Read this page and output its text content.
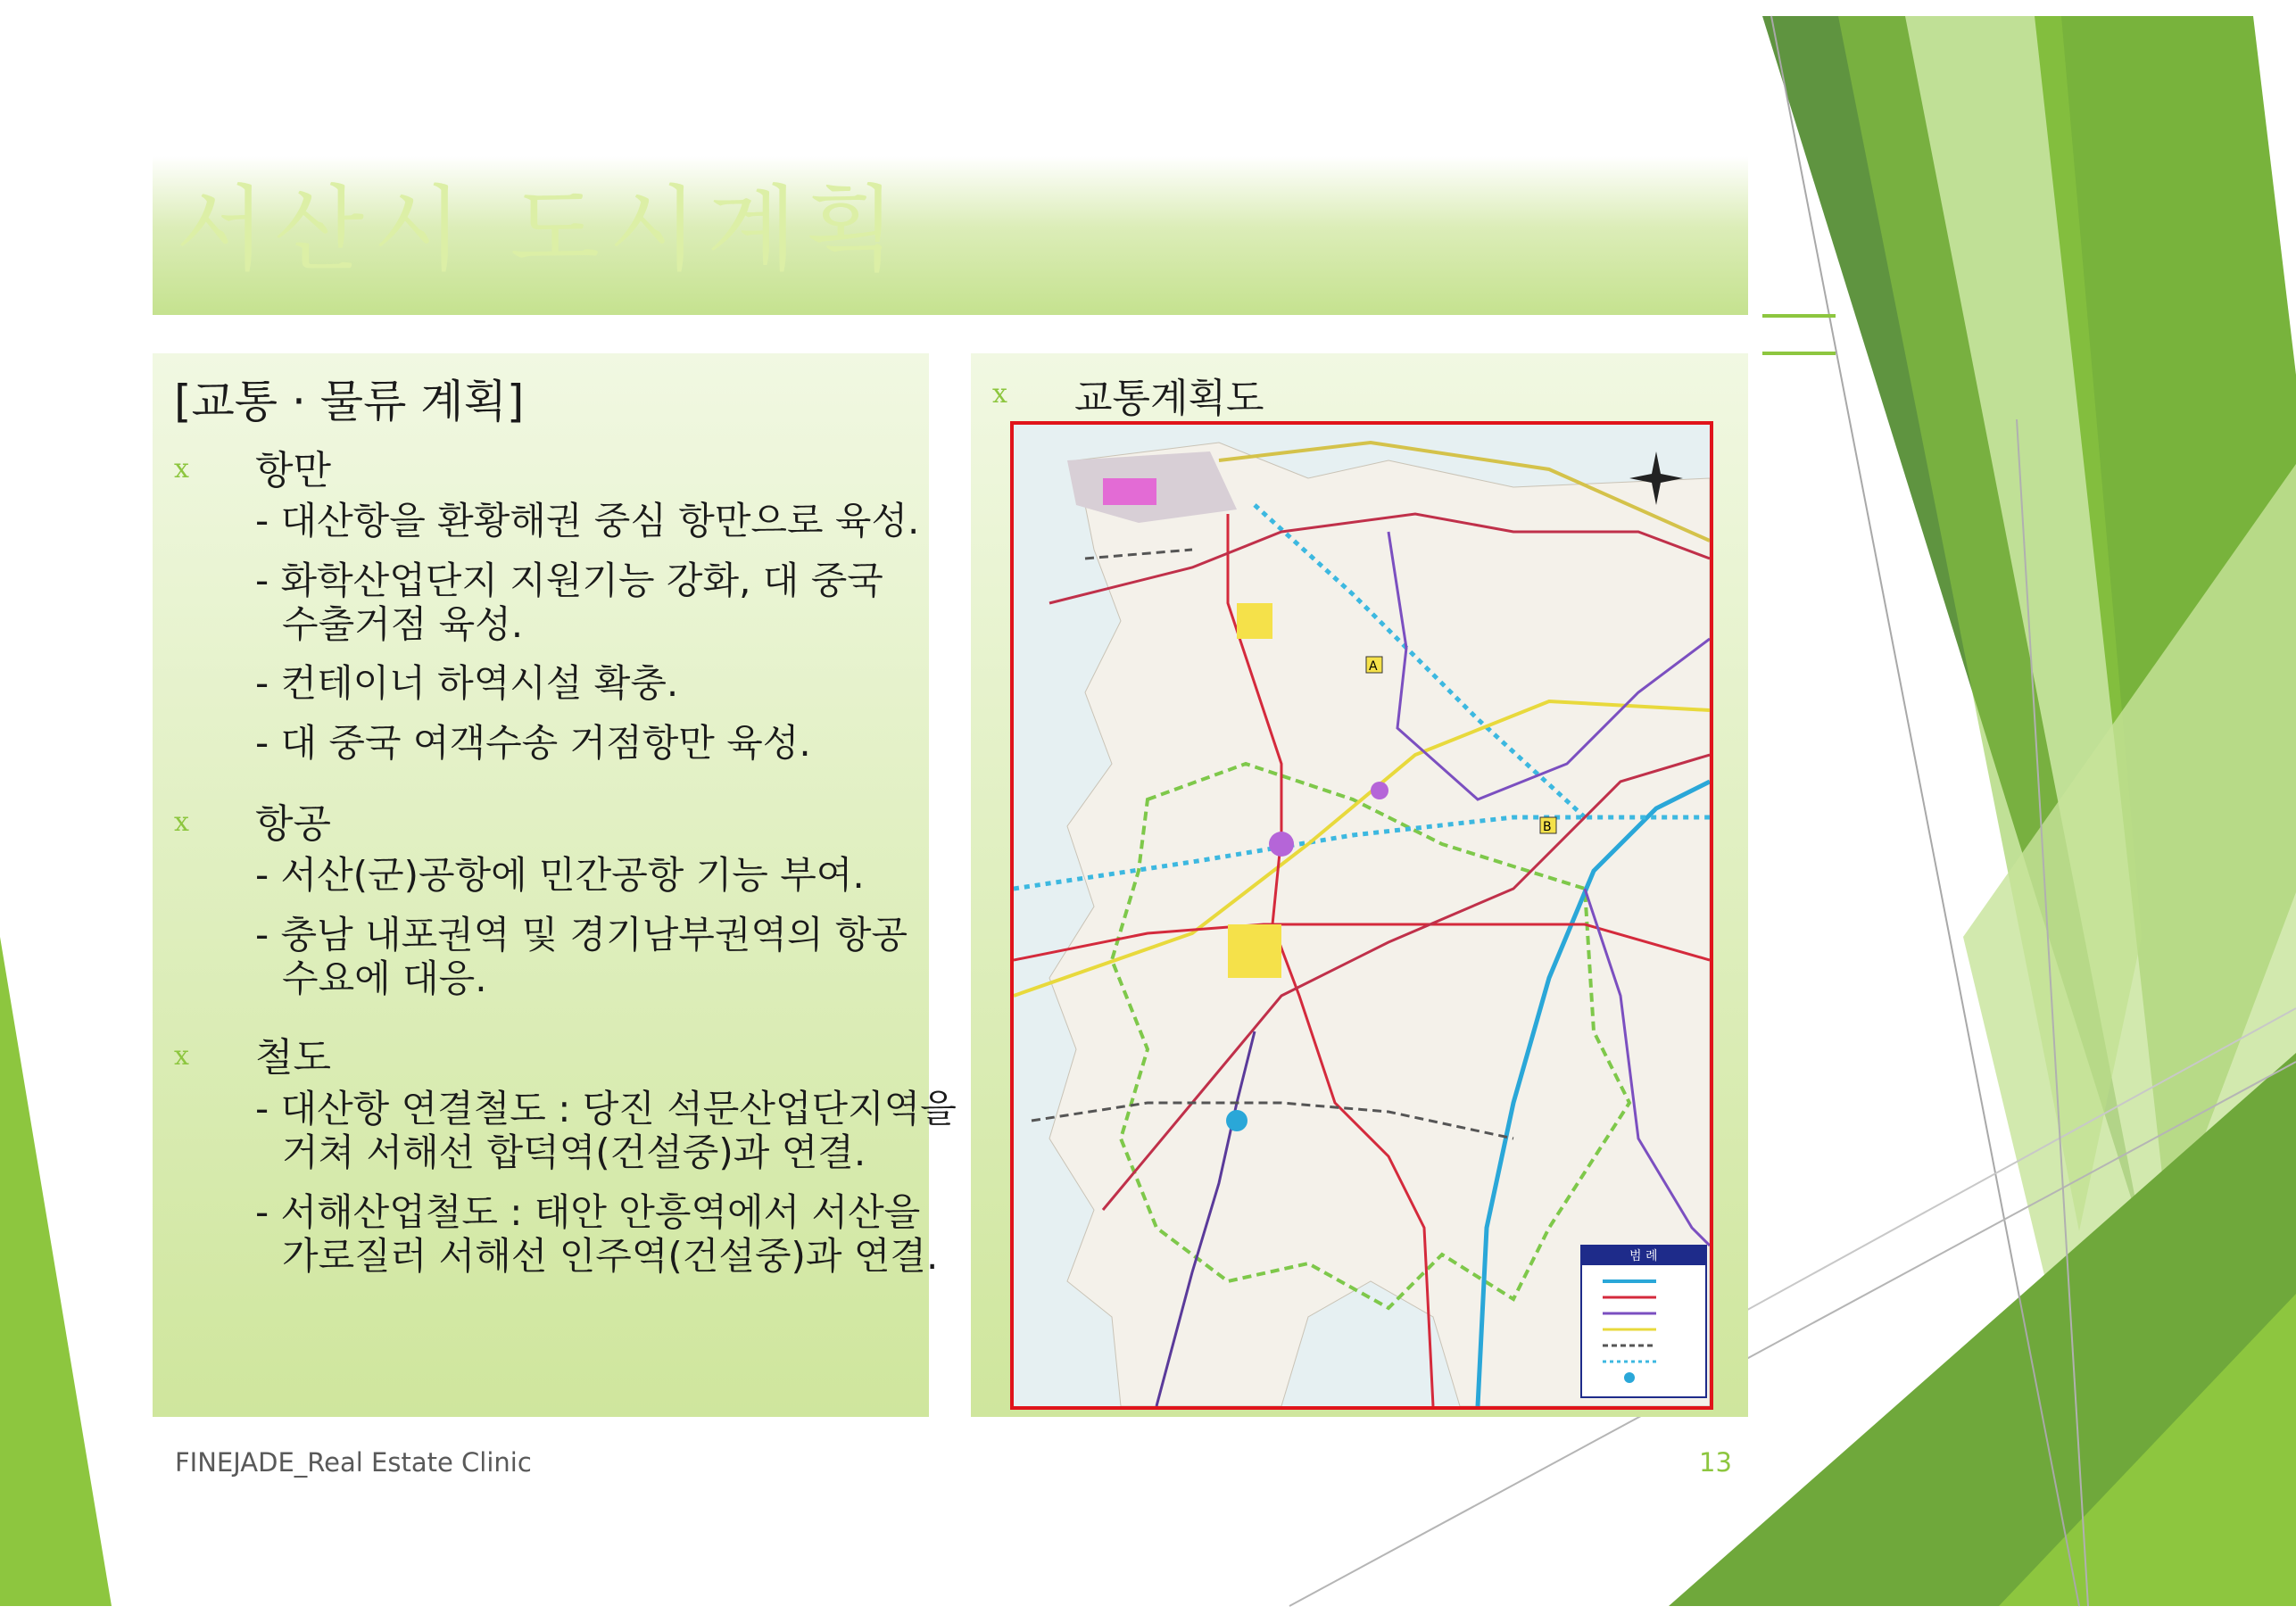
서산시 도시계획
[교통 · 물류 계획]
x 항만
- 대산항을 환황해권 중심 항만으로 육성.
- 화학산업단지 지원기능 강화, 대 중국
수출거점 육성.
- 컨테이너 하역시설 확충.
- 대 중국 여객수송 거점항만 육성.
x 항공
- 서산(군)공항에 민간공항 기능 부여.
- 충남 내포권역 및 경기남부권역의 항공
수요에 대응.
x 철도
- 대산항 연결철도 : 당진 석문산업단지역을
거쳐 서해선 합덕역(건설중)과 연결.
- 서해산업철도 : 태안 안흥역에서 서산을
가로질러 서해선 인주역(건설중)과 연결.
x 교통계획도
A
B
범 례
FINEJADE_Real Estate Clinic	13
